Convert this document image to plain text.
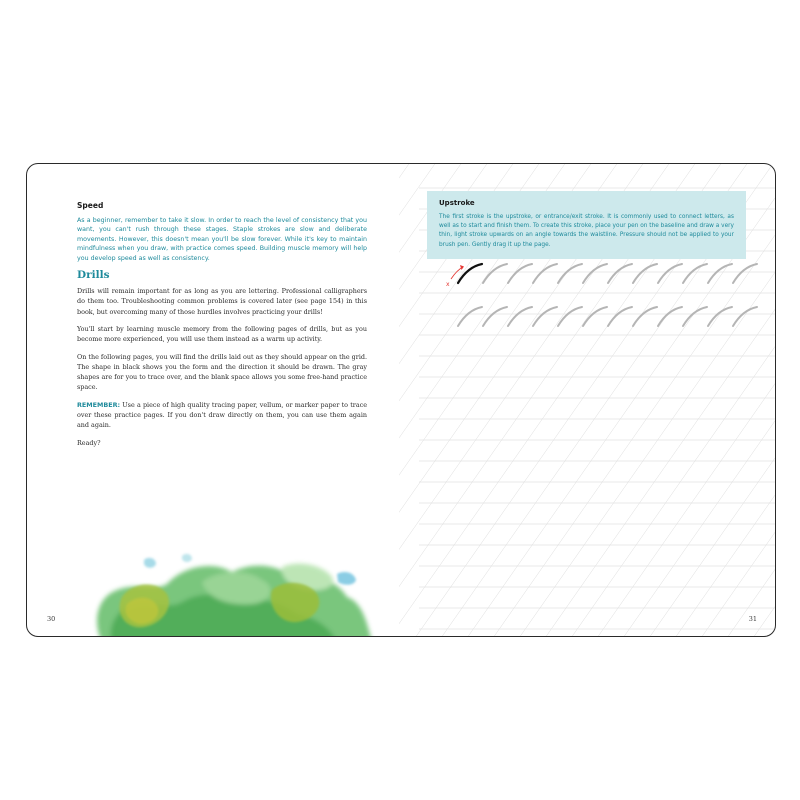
Speed

As a beginner, remember to take it slow. In order to reach the level of consistency that you want, you can't rush through these stages. Staple strokes are slow and deliberate movements. However, this doesn't mean you'll be slow forever. While it's key to maintain mindfulness when you draw, with practice comes speed. Building muscle memory will help you develop speed as well as consistency.

Drills

Drills will remain important for as long as you are lettering. Professional calligraphers do them too. Troubleshooting common problems is covered later (see page 154) in this book, but overcoming many of those hurdles involves practicing your drills!

You'll start by learning muscle memory from the following pages of drills, but as you become more experienced, you will use them instead as a warm up activity.

On the following pages, you will find the drills laid out as they should appear on the grid. The shape in black shows you the form and the direction it should be drawn. The gray shapes are for you to trace over, and the blank space allows you some free-hand practice space.

REMEMBER: Use a piece of high quality tracing paper, vellum, or marker paper to trace over these practice pages. If you don't draw directly on them, you can use them again and again.

Ready?

30
x

Upstroke

The first stroke is the upstroke, or entrance/exit stroke. It is commonly used to connect letters, as well as to start and finish them. To create this stroke, place your pen on the baseline and draw a very thin, light stroke upwards on an angle towards the waistline. Pressure should not be applied to your brush pen. Gently drag it up the page.

31
